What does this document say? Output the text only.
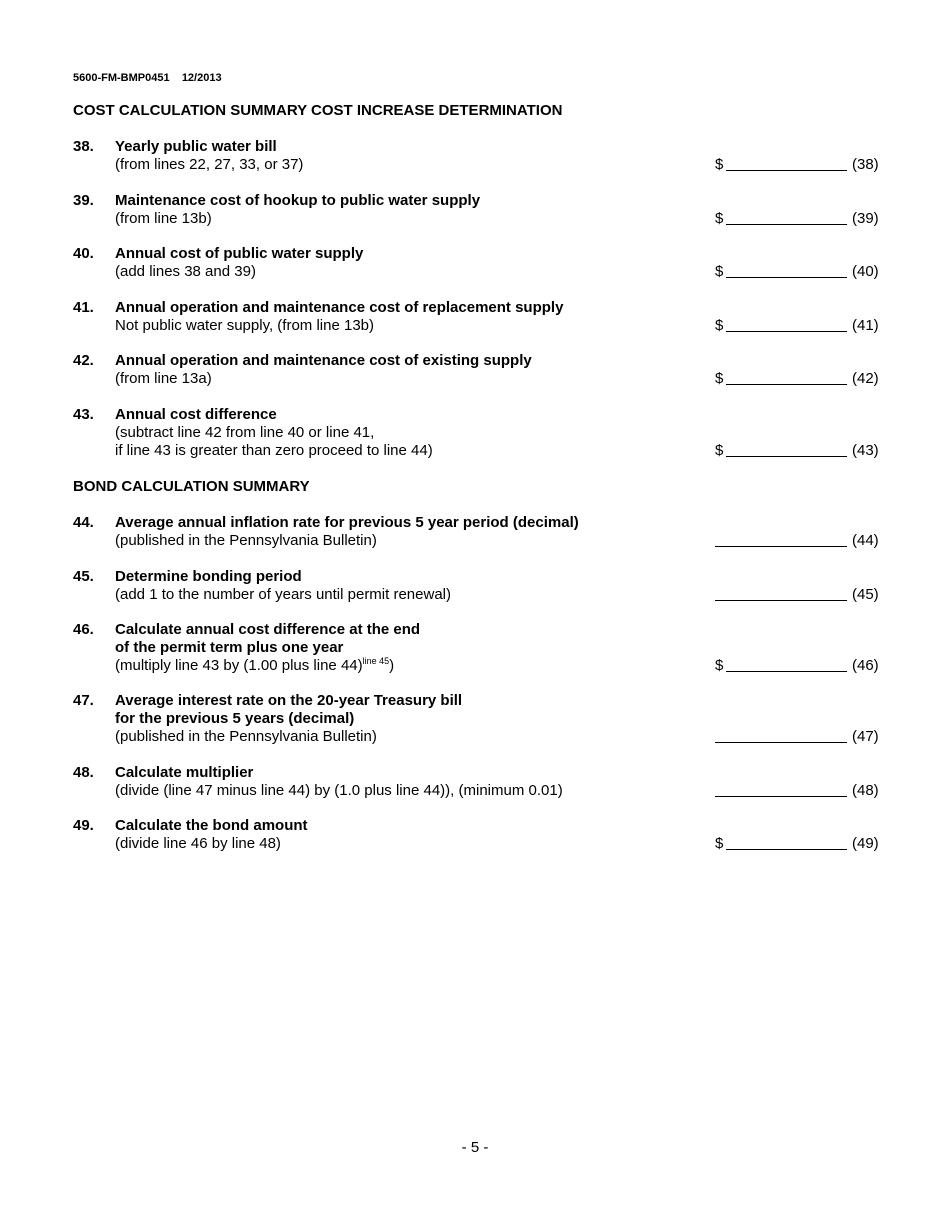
5600-FM-BMP0451    12/2013
COST CALCULATION SUMMARY COST INCREASE DETERMINATION
38. Yearly public water bill
(from lines 22, 27, 33, or 37)	$	(38)
39. Maintenance cost of hookup to public water supply
(from line 13b)	$	(39)
40. Annual cost of public water supply
(add lines 38 and 39)	$	(40)
41. Annual operation and maintenance cost of replacement supply
Not public water supply, (from line 13b)	$	(41)
42. Annual operation and maintenance cost of existing supply
(from line 13a)	$	(42)
43. Annual cost difference
(subtract line 42 from line 40 or line 41,
if line 43 is greater than zero proceed to line 44)	$	(43)
BOND CALCULATION SUMMARY
44. Average annual inflation rate for previous 5 year period (decimal)
(published in the Pennsylvania Bulletin)	(44)
45. Determine bonding period
(add 1 to the number of years until permit renewal)	(45)
46. Calculate annual cost difference at the end
of the permit term plus one year
(multiply line 43 by (1.00 plus line 44)$^{line 45}$)	$	(46)
47. Average interest rate on the 20-year Treasury bill
for the previous 5 years (decimal)
(published in the Pennsylvania Bulletin)	(47)
48. Calculate multiplier
(divide (line 47 minus line 44) by (1.0 plus line 44)), (minimum 0.01)	(48)
49. Calculate the bond amount
(divide line 46 by line 48)	$	(49)
- 5 -
